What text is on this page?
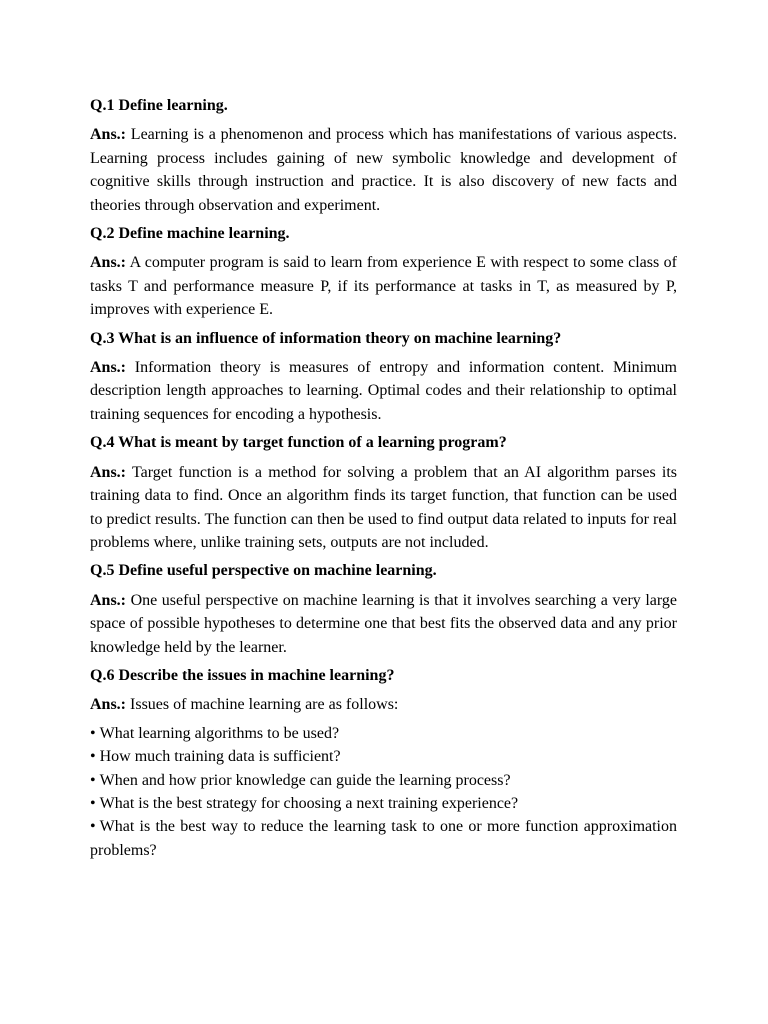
Q.1 Define learning.

Ans.: Learning is a phenomenon and process which has manifestations of various aspects. Learning process includes gaining of new symbolic knowledge and development of cognitive skills through instruction and practice. It is also discovery of new facts and theories through observation and experiment.

Q.2 Define machine learning.

Ans.: A computer program is said to learn from experience E with respect to some class of tasks T and performance measure P, if its performance at tasks in T, as measured by P, improves with experience E.

Q.3 What is an influence of information theory on machine learning?

Ans.: Information theory is measures of entropy and information content. Minimum description length approaches to learning. Optimal codes and their relationship to optimal training sequences for encoding a hypothesis.

Q.4 What is meant by target function of a learning program?

Ans.: Target function is a method for solving a problem that an AI algorithm parses its training data to find. Once an algorithm finds its target function, that function can be used to predict results. The function can then be used to find output data related to inputs for real problems where, unlike training sets, outputs are not included.

Q.5 Define useful perspective on machine learning.

Ans.: One useful perspective on machine learning is that it involves searching a very large space of possible hypotheses to determine one that best fits the observed data and any prior knowledge held by the learner.

Q.6 Describe the issues in machine learning?

Ans.: Issues of machine learning are as follows:

• What learning algorithms to be used?
• How much training data is sufficient?
• When and how prior knowledge can guide the learning process?
• What is the best strategy for choosing a next training experience?
• What is the best way to reduce the learning task to one or more function approximation problems?
